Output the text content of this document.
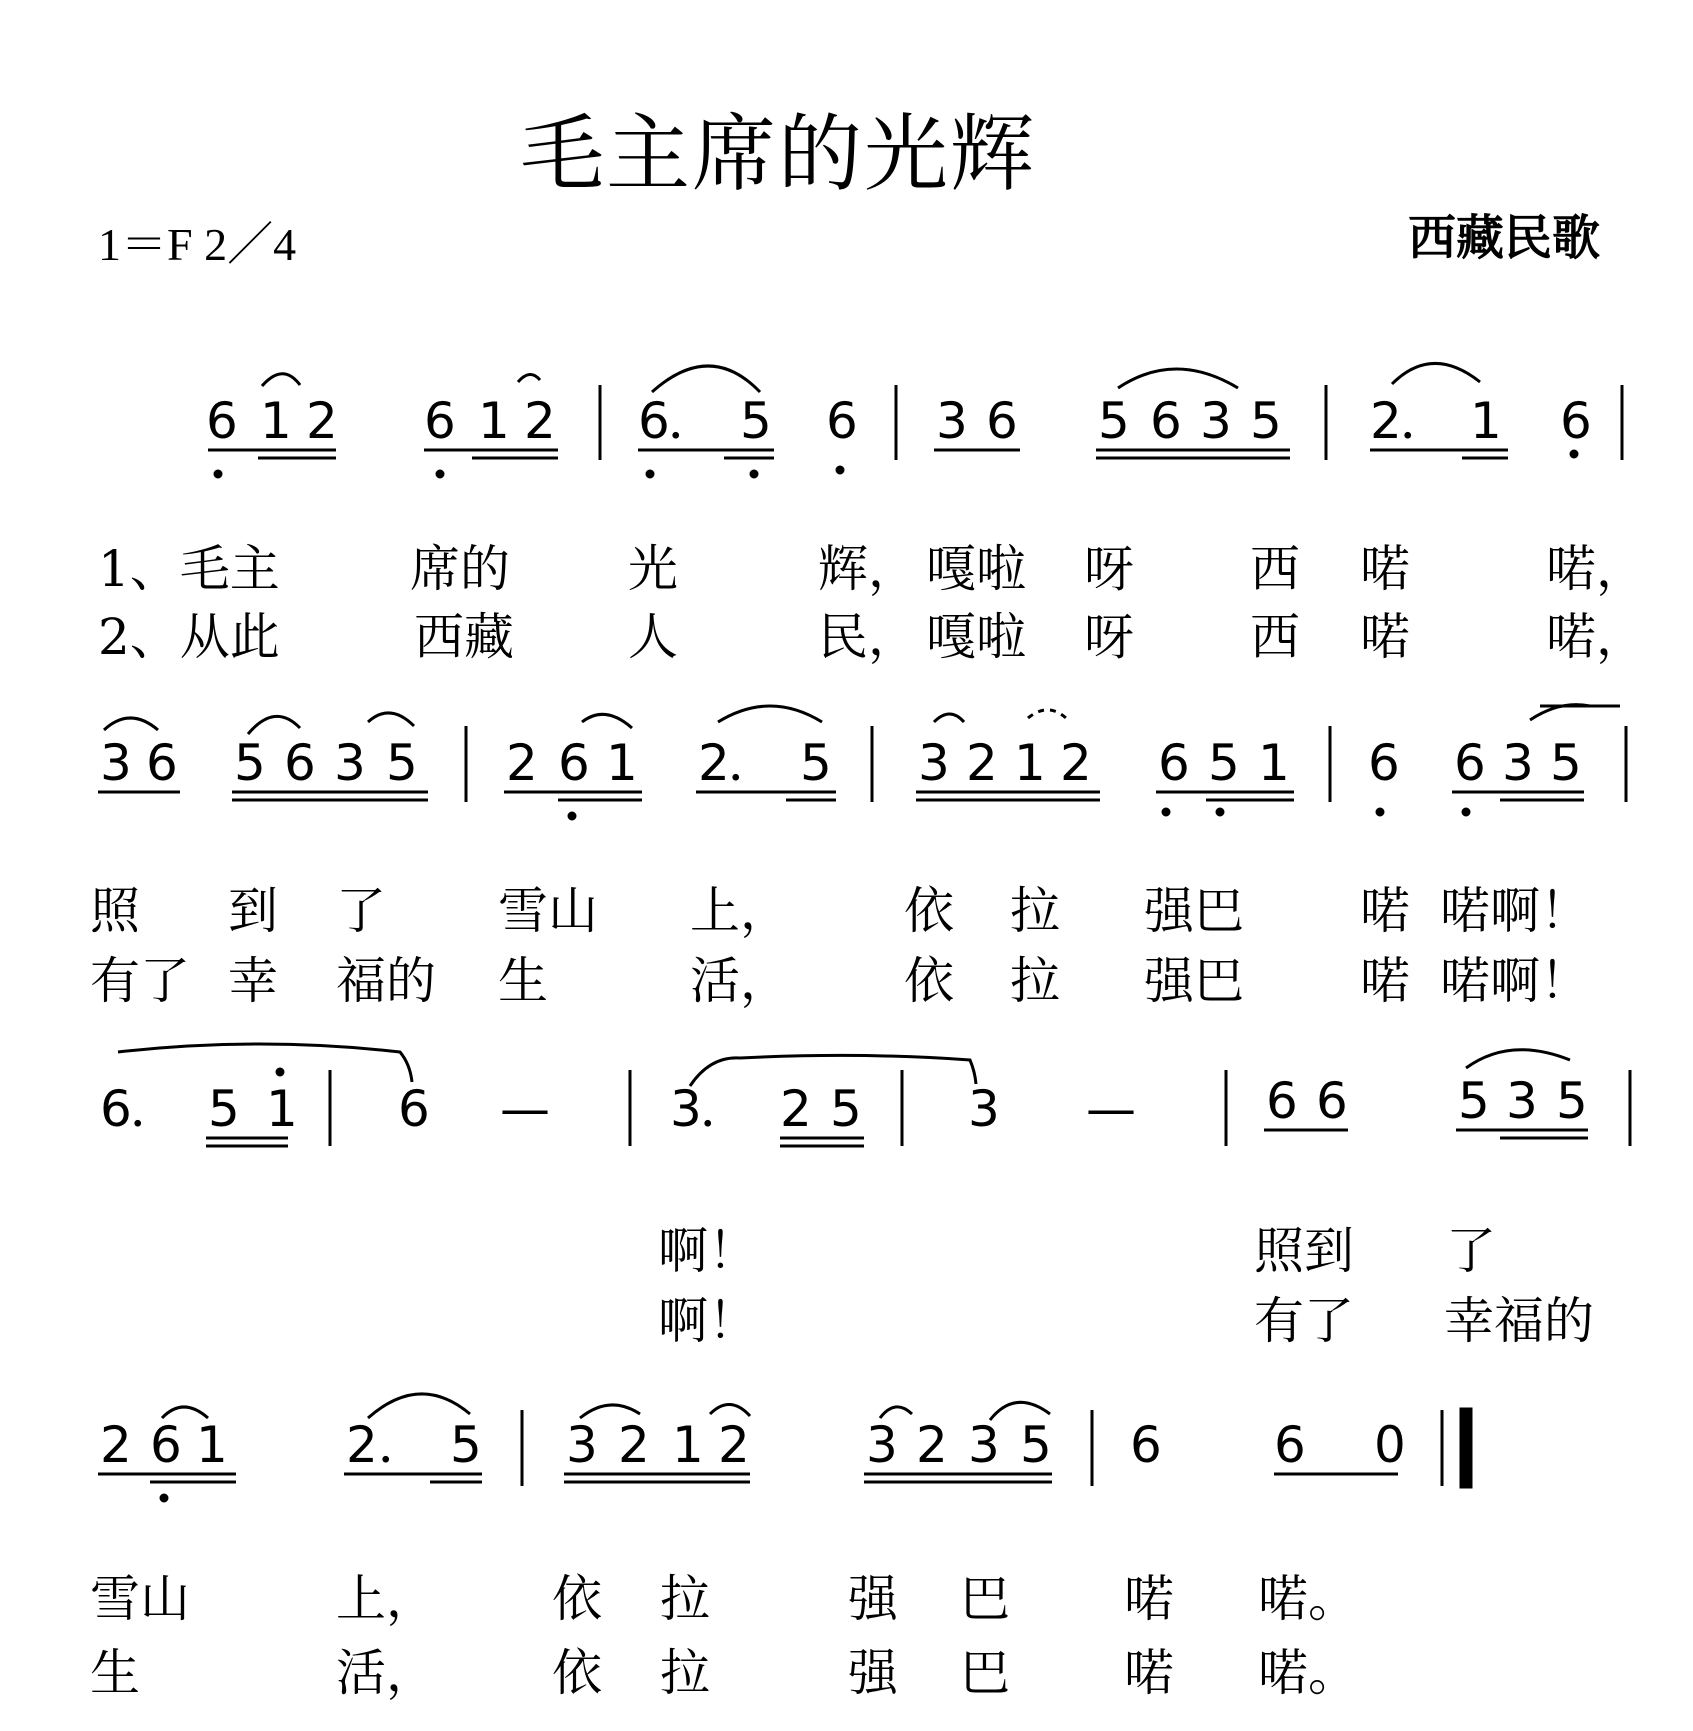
毛主席的光辉
1＝F 2／4	西藏民歌
6 1 2 6 1 2 6
． 5 6 3 6 5 6 3 5 2
． 1 6
1、毛主	席的 光	辉， 嘎啦 呀 西 喏	喏，
2、从此	西藏 人	民， 嘎啦 呀 西 喏	喏，
3 6 5 6 3 5 2 6 1 2
． 5 3 2 1 2 6 5 1 6 6 3 5
照 到 了 雪山 上， 依 拉 强巴 喏 喏啊！
有了 幸 福的 生	活， 依 拉 强巴 喏 喏啊！
6
． 5 1 6 — 3
． 2 5 3 —	6 6 5 3 5
啊！	照到 了
啊！	有了 幸福的
2 6 1 2 ． 5 3 2 1 2 3 2 3 5 6 6 0
雪山	上， 依 拉	强 巴 喏 喏。
生	活， 依 拉	强 巴 喏 喏。
